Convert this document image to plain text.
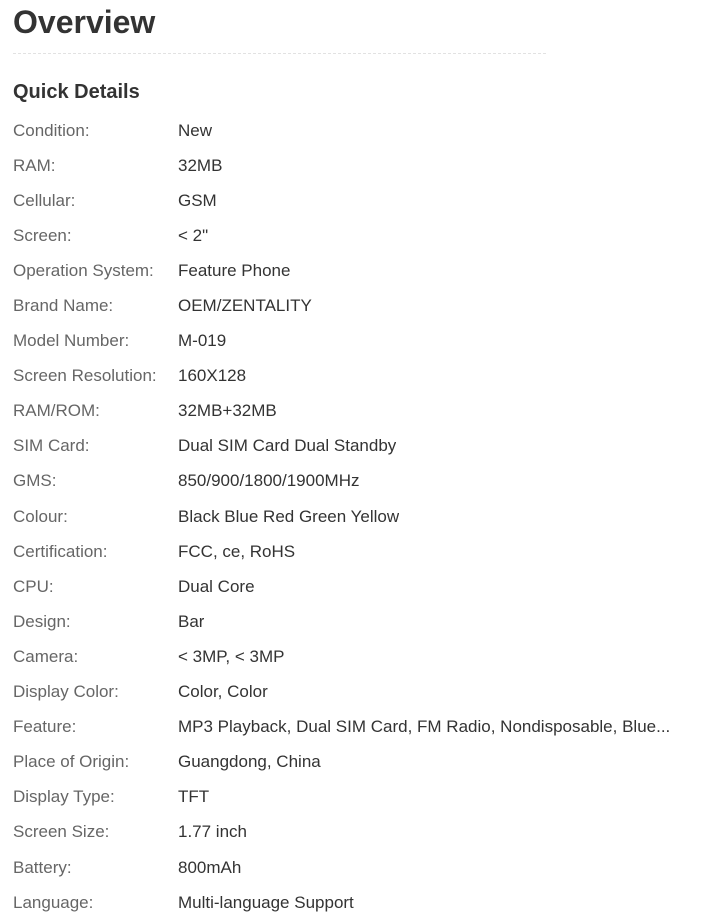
Overview
Quick Details
Condition:	New
RAM:	32MB
Cellular:	GSM
Screen:	< 2"
Operation System:	Feature Phone
Brand Name:	OEM/ZENTALITY
Model Number:	M-019
Screen Resolution:	160X128
RAM/ROM:	32MB+32MB
SIM Card:	Dual SIM Card Dual Standby
GMS:	850/900/1800/1900MHz
Colour:	Black Blue Red Green Yellow
Certification:	FCC, ce, RoHS
CPU:	Dual Core
Design:	Bar
Camera:	< 3MP, < 3MP
Display Color:	Color, Color
Feature:	MP3 Playback, Dual SIM Card, FM Radio, Nondisposable, Blue...
Place of Origin:	Guangdong, China
Display Type:	TFT
Screen Size:	1.77 inch
Battery:	800mAh
Language:	Multi-language Support
